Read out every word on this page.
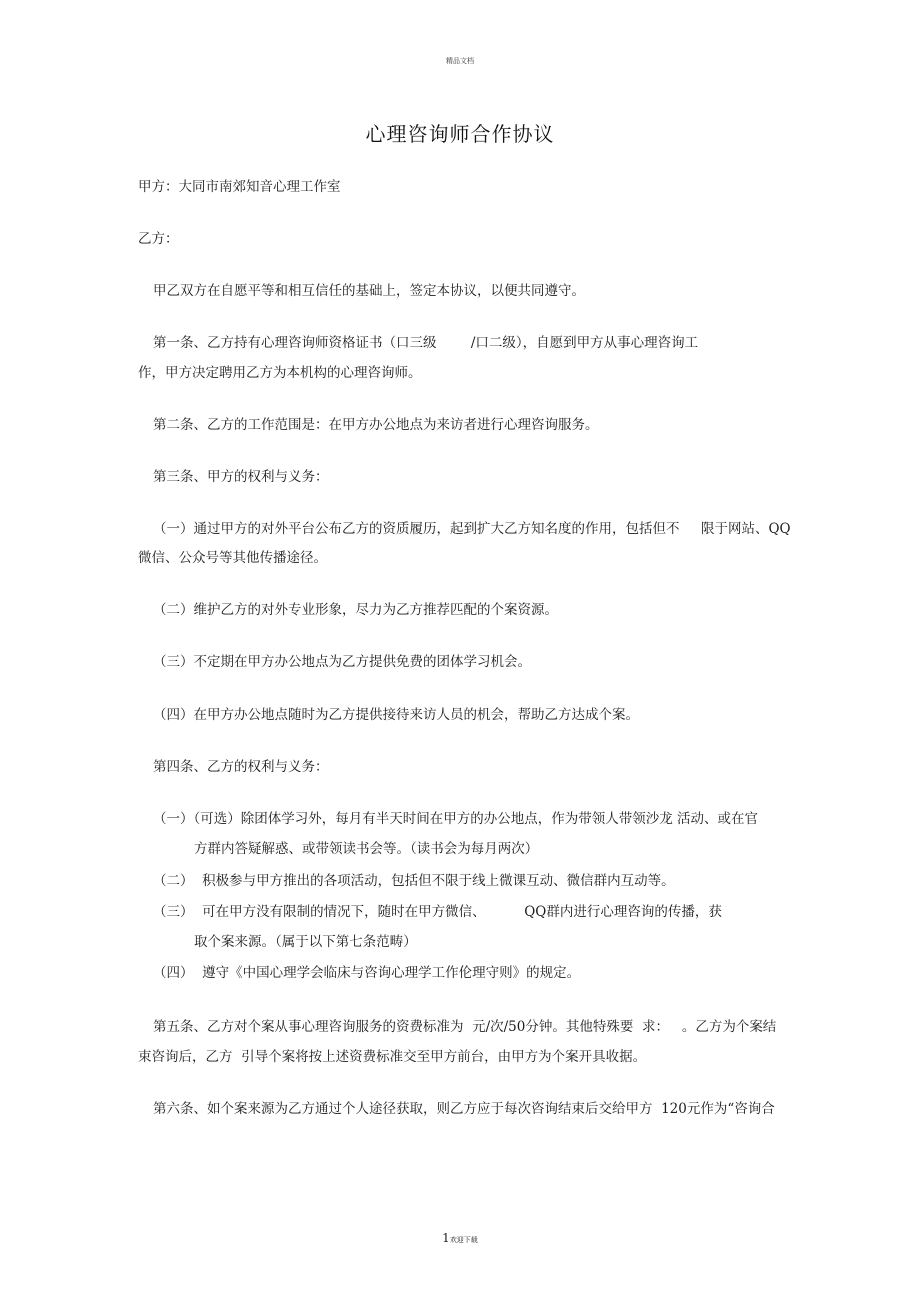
精品文档
心理咨询师合作协议
甲方：大同市南郊知音心理工作室
乙方：
甲乙双方在自愿平等和相互信任的基础上，签定本协议，以便共同遵守。
第一条、乙方持有心理咨询师资格证书（口三级        /口二级），自愿到甲方从事心理咨询工
作，甲方决定聘用乙方为本机构的心理咨询师。
第二条、乙方的工作范围是：在甲方办公地点为来访者进行心理咨询服务。
第三条、甲方的权利与义务：
（一）通过甲方的对外平台公布乙方的资质履历，起到扩大乙方知名度的作用，包括但不     限于网站、QQ
微信、公众号等其他传播途径。
（二）维护乙方的对外专业形象，尽力为乙方推荐匹配的个案资源。
（三）不定期在甲方办公地点为乙方提供免费的团体学习机会。
（四）在甲方办公地点随时为乙方提供接待来访人员的机会，帮助乙方达成个案。
第四条、乙方的权利与义务：
（一）（可选）除团体学习外，每月有半天时间在甲方的办公地点，作为带领人带领沙龙 活动、或在官
方群内答疑解惑、或带领读书会等。（读书会为每月两次）
（二）  积极参与甲方推出的各项活动，包括但不限于线上微课互动、微信群内互动等。
（三）  可在甲方没有限制的情况下，随时在甲方微信、         QQ群内进行心理咨询的传播，获
取个案来源。（属于以下第七条范畴）
（四）  遵守《中国心理学会临床与咨询心理学工作伦理守则》的规定。
第五条、乙方对个案从事心理咨询服务的资费标准为  元/次/50分钟。其他特殊要  求：   。乙方为个案结
束咨询后，乙方  引导个案将按上述资费标准交至甲方前台，由甲方为个案开具收据。
第六条、如个案来源为乙方通过个人途径获取，则乙方应于每次咨询结束后交给甲方  120元作为“咨询合
1欢迎下载
